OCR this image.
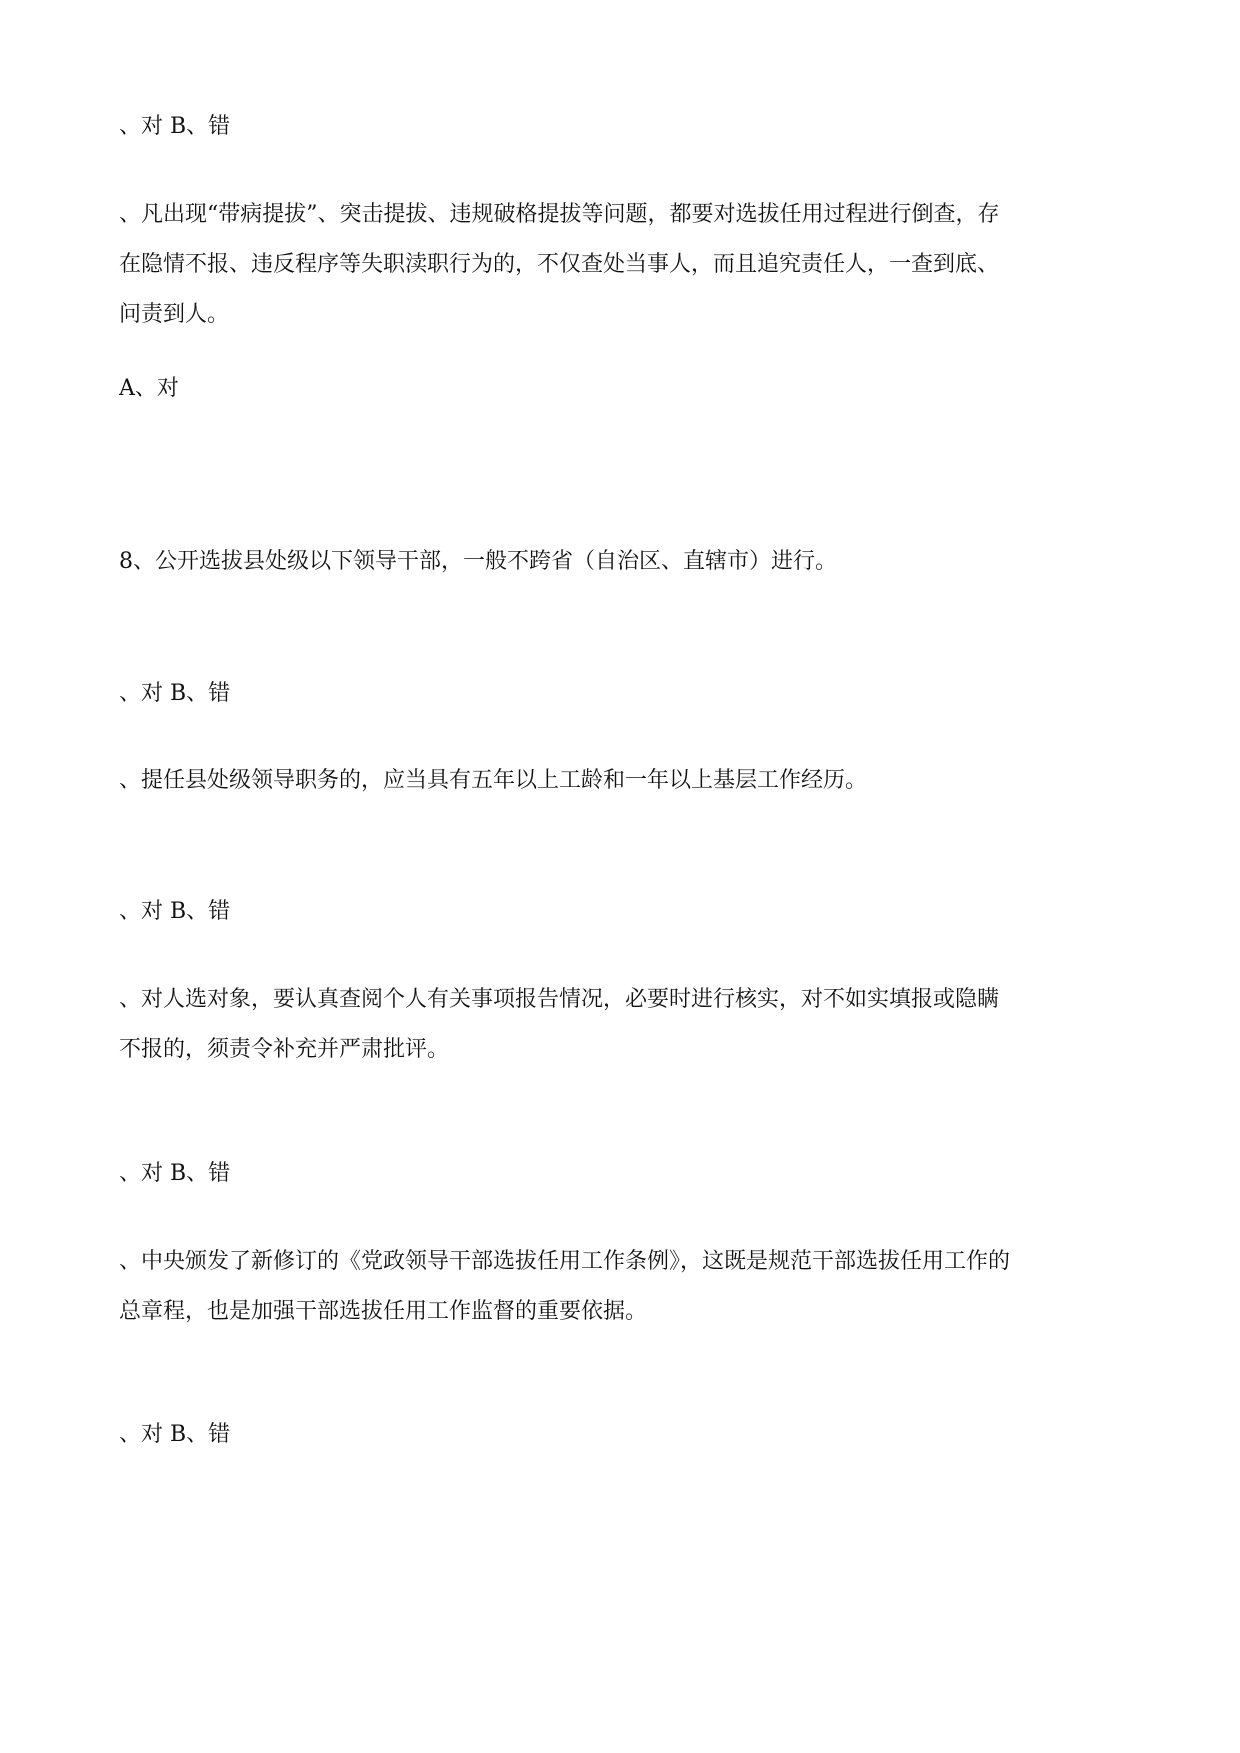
、对 B、错

、凡出现“带病提拔”、突击提拔、违规破格提拔等问题，都要对选拔任用过程进行倒查，存
在隐情不报、违反程序等失职渎职行为的，不仅查处当事人，而且追究责任人，一查到底、
问责到人。

A、对

8、公开选拔县处级以下领导干部，一般不跨省（自治区、直辖市）进行。

、对 B、错

、提任县处级领导职务的，应当具有五年以上工龄和一年以上基层工作经历。

、对 B、错

、对人选对象，要认真查阅个人有关事项报告情况，必要时进行核实，对不如实填报或隐瞒
不报的，须责令补充并严肃批评。

、对 B、错

、中央颁发了新修订的《党政领导干部选拔任用工作条例》，这既是规范干部选拔任用工作的
总章程，也是加强干部选拔任用工作监督的重要依据。

、对 B、错
